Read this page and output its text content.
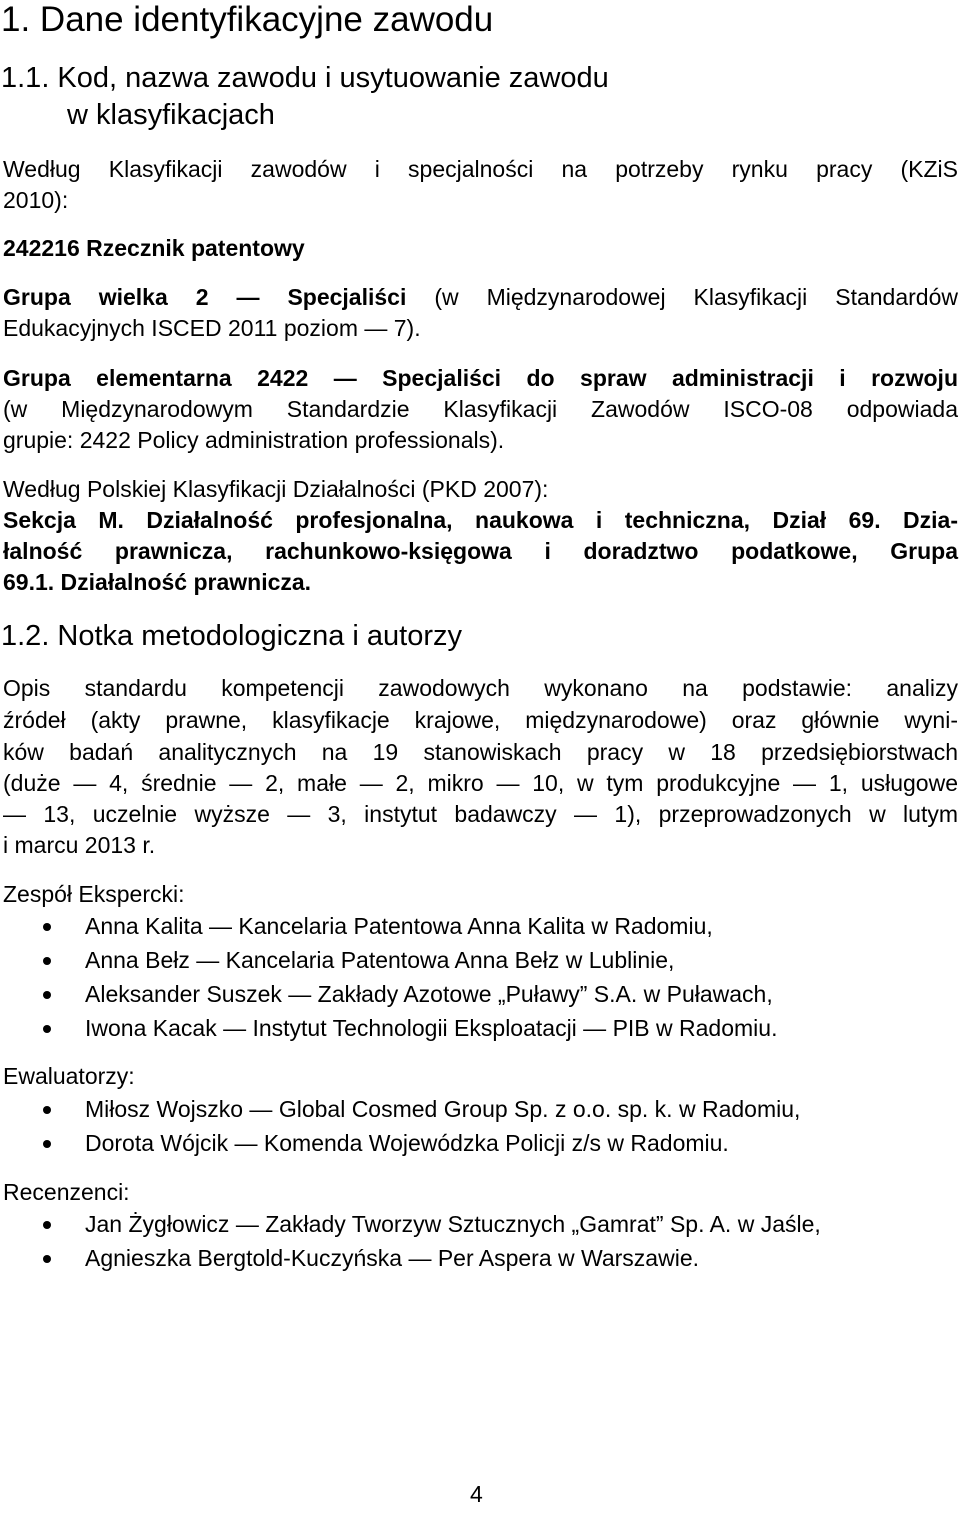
1. Dane identyfikacyjne zawodu
1.1. Kod, nazwa zawodu i usytuowanie zawodu
w klasyfikacjach

Według Klasyfikacji zawodów i specjalności na potrzeby rynku pracy (KZiS

2010):

242216 Rzecznik patentowy

Grupa wielka 2 — Specjaliści (w Międzynarodowej Klasyfikacji Standardów

Edukacyjnych ISCED 2011 poziom — 7).

Grupa elementarna 2422 — Specjaliści do spraw administracji i rozwoju

(w Międzynarodowym Standardzie Klasyfikacji Zawodów ISCO-08 odpowiada

grupie: 2422 Policy administration professionals).

Według Polskiej Klasyfikacji Działalności (PKD 2007):

Sekcja M. Działalność profesjonalna, naukowa i techniczna, Dział 69. Dzia-

łalność prawnicza, rachunkowo-księgowa i doradztwo podatkowe, Grupa

69.1. Działalność prawnicza.

1.2. Notka metodologiczna i autorzy

Opis standardu kompetencji zawodowych wykonano na podstawie: analizy

źródeł (akty prawne, klasyfikacje krajowe, międzynarodowe) oraz głównie wyni-

ków badań analitycznych na 19 stanowiskach pracy w 18 przedsiębiorstwach

(duże — 4, średnie — 2, małe — 2, mikro — 10, w tym produkcyjne — 1, usługowe

— 13, uczelnie wyższe — 3, instytut badawczy — 1), przeprowadzonych w lutym

i marcu 2013 r.

Zespół Ekspercki:

Anna Kalita — Kancelaria Patentowa Anna Kalita w Radomiu,
Anna Bełz — Kancelaria Patentowa Anna Bełz w Lublinie,
Aleksander Suszek — Zakłady Azotowe „Puławy” S.A. w Puławach,
Iwona Kacak — Instytut Technologii Eksploatacji — PIB w Radomiu.

Ewaluatorzy:

Miłosz Wojszko — Global Cosmed Group Sp. z o.o. sp. k. w Radomiu,
Dorota Wójcik — Komenda Wojewódzka Policji z/s w Radomiu.

Recenzenci:

Jan Żygłowicz — Zakłady Tworzyw Sztucznych „Gamrat” Sp. A. w Jaśle,
Agnieszka Bergtold-Kuczyńska — Per Aspera w Warszawie.

4
